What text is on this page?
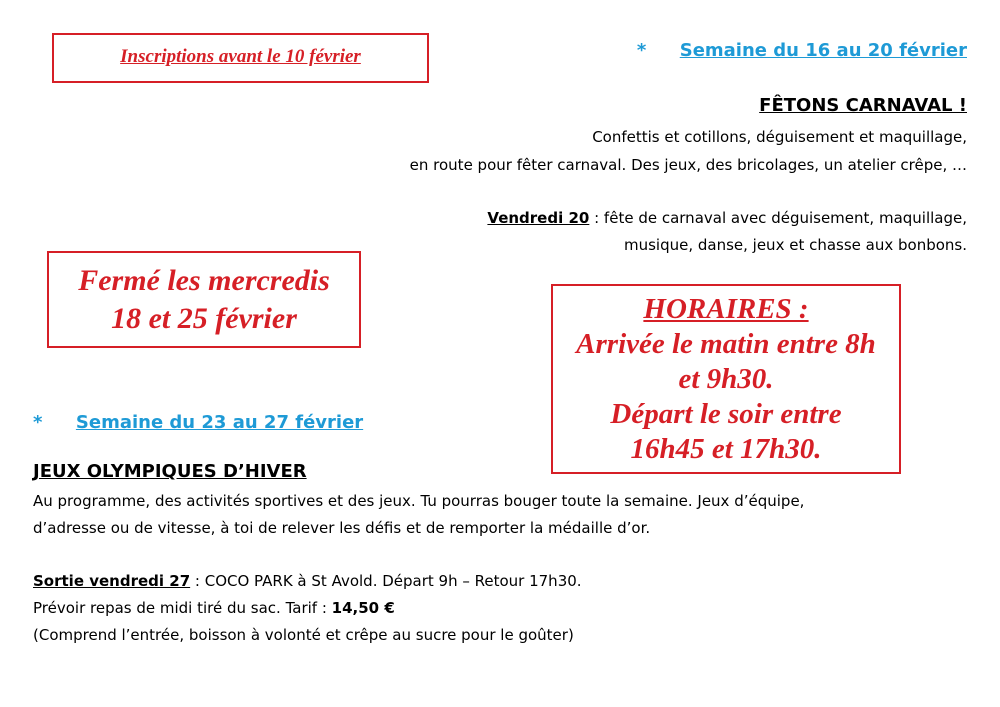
Inscriptions avant le 10 février	* Semaine du 16 au 20 février
FÊTONS CARNAVAL !
Confettis et cotillons, déguisement et maquillage,
en route pour fêter carnaval. Des jeux, des bricolages, un atelier crêpe, …
Vendredi 20 : fête de carnaval avec déguisement, maquillage,
musique, danse, jeux et chasse aux bonbons.
Fermé les mercredis
18 et 25 février	HORAIRES :
Arrivée le matin entre 8h
et 9h30.
Départ le soir entre
16h45 et 17h30.
* Semaine du 23 au 27 février
JEUX OLYMPIQUES D’HIVER
Au programme, des activités sportives et des jeux. Tu pourras bouger toute la semaine. Jeux d’équipe,
d’adresse ou de vitesse, à toi de relever les défis et de remporter la médaille d’or.
Sortie vendredi 27 : COCO PARK à St Avold. Départ 9h – Retour 17h30.
Prévoir repas de midi tiré du sac. Tarif : 14,50 €
(Comprend l’entrée, boisson à volonté et crêpe au sucre pour le goûter)
